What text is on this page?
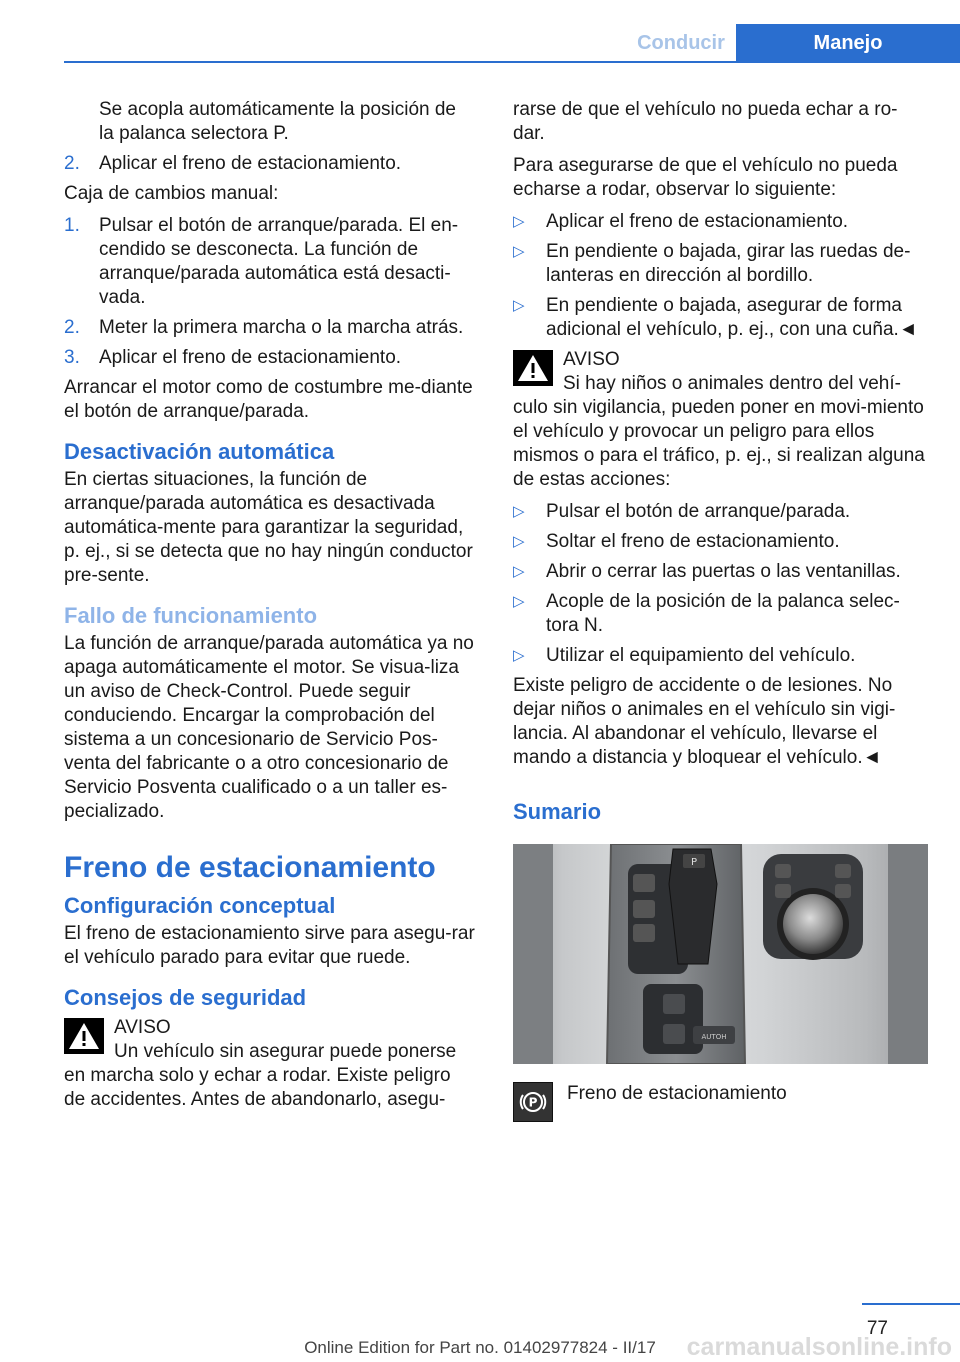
Conducir	Manejo

Se acopla automáticamente la posición de la palanca selectora P.

2.	Aplicar el freno de estacionamiento.

Caja de cambios manual:

1.	Pulsar el botón de arranque/parada. El en‐cendido se desconecta. La función de arranque/parada automática está desacti‐vada.
2.	Meter la primera marcha o la marcha atrás.
3.	Aplicar el freno de estacionamiento.

Arrancar el motor como de costumbre me‐diante el botón de arranque/parada.

Desactivación automática

En ciertas situaciones, la función de arranque/parada automática es desactivada automática‐mente para garantizar la seguridad, p. ej., si se detecta que no hay ningún conductor pre‐sente.

Fallo de funcionamiento

La función de arranque/parada automática ya no apaga automáticamente el motor. Se visua‐liza un aviso de Check-Control. Puede seguir conduciendo. Encargar la comprobación del sistema a un concesionario de Servicio Pos‐venta del fabricante o a otro concesionario de Servicio Posventa cualificado o a un taller es‐pecializado.

Freno de estacionamiento
Configuración conceptual

El freno de estacionamiento sirve para asegu‐rar el vehículo parado para evitar que ruede.

Consejos de seguridad
AVISO
Un vehículo sin asegurar puede ponerse

en marcha solo y echar a rodar. Existe peligro de accidentes. Antes de abandonarlo, asegu‐

rarse de que el vehículo no pueda echar a ro‐dar.

Para asegurarse de que el vehículo no pueda echarse a rodar, observar lo siguiente:

▷	Aplicar el freno de estacionamiento.
▷	En pendiente o bajada, girar las ruedas de‐lanteras en dirección al bordillo.
▷	En pendiente o bajada, asegurar de forma adicional el vehículo, p. ej., con una cuña.◄
AVISO
Si hay niños o animales dentro del vehí‐

culo sin vigilancia, pueden poner en movi‐miento el vehículo y provocar un peligro para ellos mismos o para el tráfico, p. ej., si realizan alguna de estas acciones:

▷	Pulsar el botón de arranque/parada.
▷	Soltar el freno de estacionamiento.
▷	Abrir o cerrar las puertas o las ventanillas.
▷	Acople de la posición de la palanca selec‐tora N.
▷	Utilizar el equipamiento del vehículo.

Existe peligro de accidente o de lesiones. No dejar niños o animales en el vehículo sin vigi‐lancia. Al abandonar el vehículo, llevarse el mando a distancia y bloquear el vehículo.◄

Sumario
P
AUTOH
P Freno de estacionamiento
77
Online Edition for Part no. 01402977824 - II/17	carmanualsonline.info
